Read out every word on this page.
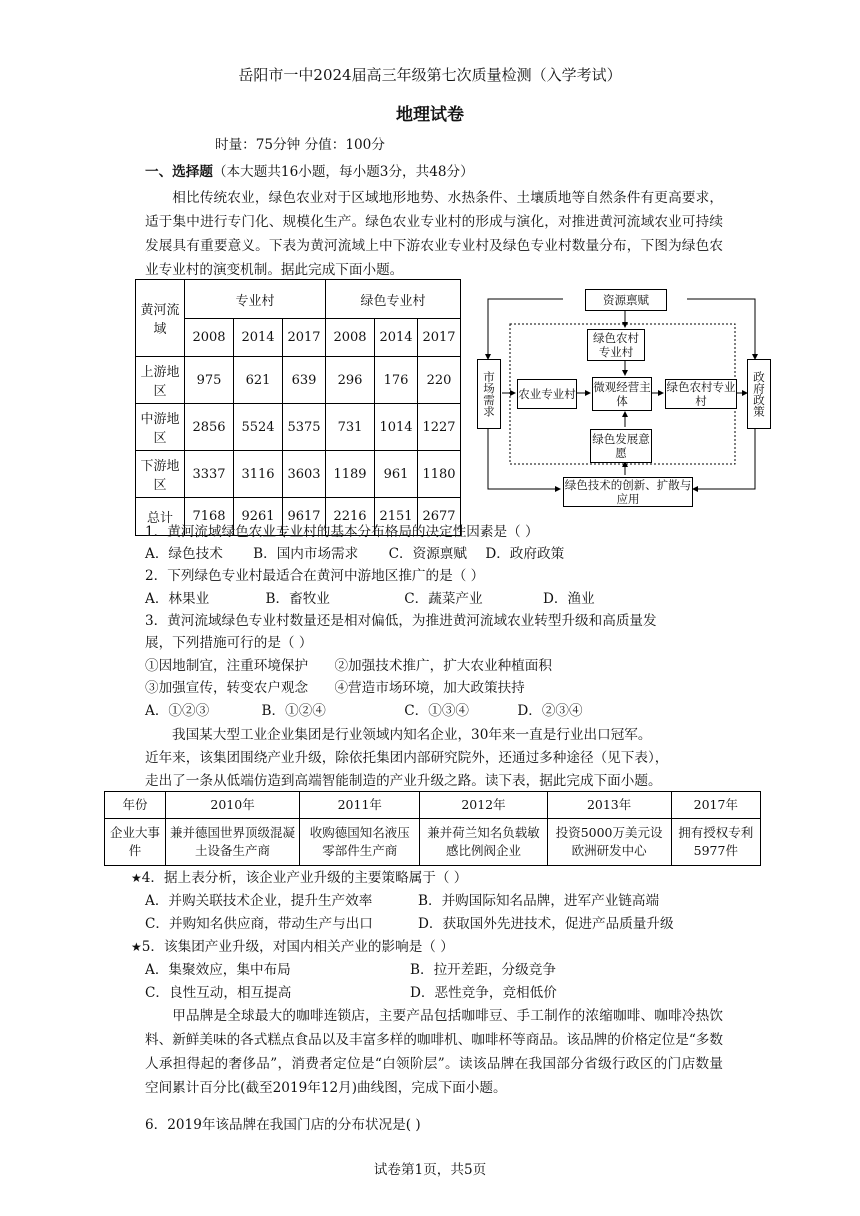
岳阳市一中2024届高三年级第七次质量检测（入学考试）
地理试卷
时量：75分钟 分值：100分
一、选择题（本大题共16小题，每小题3分，共48分）
相比传统农业，绿色农业对于区域地形地势、水热条件、土壤质地等自然条件有更高要求，适于集中进行专门化、规模化生产。绿色农业专业村的形成与演化，对推进黄河流域农业可持续发展具有重要意义。下表为黄河流域上中下游农业专业村及绿色专业村数量分布，下图为绿色农业专业村的演变机制。据此完成下面小题。
黄河流域	专业村			绿色专业村		
	2008	2014	2017	2008	2014	2017
上游地区	975	621	639	296	176	220
中游地区	2856	5524	5375	731	1014	1227
下游地区	3337	3116	3603	1189	961	1180
总计	7168	9261	9617	2216	2151	2677
资源禀赋
绿色农村专业村
市场需求	农业专业村 微观经营主体
绿色农村专业村	政府政策
绿色发展意愿
绿色技术的创新、扩散与应用
1．黄河流域绿色农业专业村的基本分布格局的决定性因素是（ ）
A．绿色技术 B．国内市场需求 C．资源禀赋 D．政府政策
2．下列绿色专业村最适合在黄河中游地区推广的是（ ）
A．林果业	B．畜牧业	C．蔬菜产业	D．渔业
3．黄河流域绿色专业村数量还是相对偏低，为推进黄河流域农业转型升级和高质量发
展，下列措施可行的是（ ）
①因地制宜，注重环境保护 ②加强技术推广，扩大农业种植面积
③加强宣传，转变农户观念 ④营造市场环境，加大政策扶持
A．①②③	B．①②④	C．①③④	D．②③④
我国某大型工业企业集团是行业领域内知名企业，30年来一直是行业出口冠军。
近年来，该集团围绕产业升级，除依托集团内部研究院外，还通过多种途径（见下表），
走出了一条从低端仿造到高端智能制造的产业升级之路。读下表，据此完成下面小题。
年份	2010年	2011年	2012年	2013年	2017年
企业大事件	兼并德国世界顶级混凝土设备生产商	收购德国知名液压零部件生产商	兼并荷兰知名负载敏感比例阀企业	投资5000万美元设欧洲研发中心	拥有授权专利5977件
★4．据上表分析，该企业产业升级的主要策略属于（ ）
A．并购关联技术企业，提升生产效率	B．并购国际知名品牌，进军产业链高端
C．并购知名供应商，带动生产与出口	D．获取国外先进技术，促进产品质量升级
★5．该集团产业升级，对国内相关产业的影响是（ ）
A．集聚效应，集中布局	B．拉开差距，分级竞争
C．良性互动，相互提高	D．恶性竞争，竞相低价
甲品牌是全球最大的咖啡连锁店，主要产品包括咖啡豆、手工制作的浓缩咖啡、咖啡冷热饮料、新鲜美味的各式糕点食品以及丰富多样的咖啡机、咖啡杯等商品。该品牌的价格定位是“多数人承担得起的奢侈品”，消费者定位是“白领阶层”。读该品牌在我国部分省级行政区的门店数量空间累计百分比(截至2019年12月)曲线图，完成下面小题。
6．2019年该品牌在我国门店的分布状况是( )
试卷第1页，共5页
